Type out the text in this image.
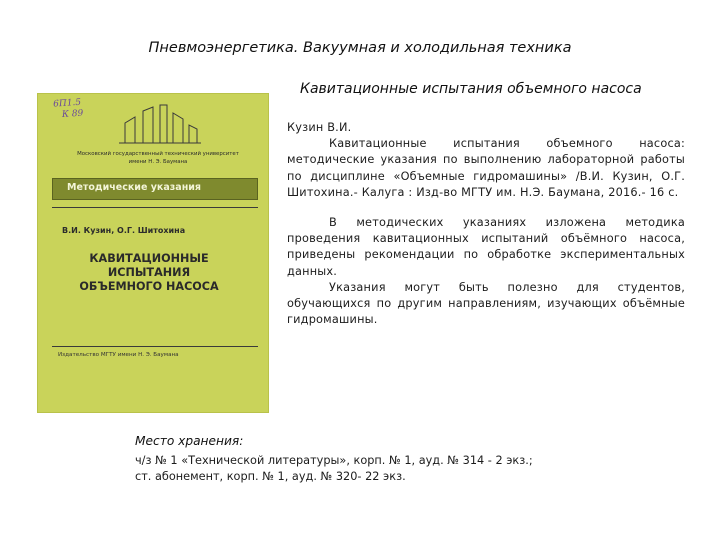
Пневмоэнергетика. Вакуумная и холодильная техника
Кавитационные испытания объемного насоса
6П1.5
К 89
Московский государственный технический университет
имени Н. Э. Баумана
Методические указания
В.И. Кузин, О.Г. Шитохина
КАВИТАЦИОННЫЕ ИСПЫТАНИЯ
ОБЪЕМНОГО НАСОСА
Издательство МГТУ имени Н. Э. Баумана

Кузин В.И.

Кавитационные испытания объемного насоса: методические указания по выполнению лабораторной работы по дисциплине «Объемные гидромашины» /В.И. Кузин, О.Г. Шитохина.- Калуга : Изд-во МГТУ им. Н.Э. Баумана, 2016.- 16 с.

В методических указаниях изложена методика проведения кавитационных испытаний объёмного насоса, приведены рекомендации по обработке экспериментальных данных.

Указания могут быть полезно для студентов, обучающихся по другим направлениям, изучающих объёмные гидромашины.

Место хранения:
ч/з № 1 «Технической литературы», корп. № 1, ауд. № 314 - 2 экз.;
ст. абонемент, корп. № 1, ауд. № 320- 22 экз.
